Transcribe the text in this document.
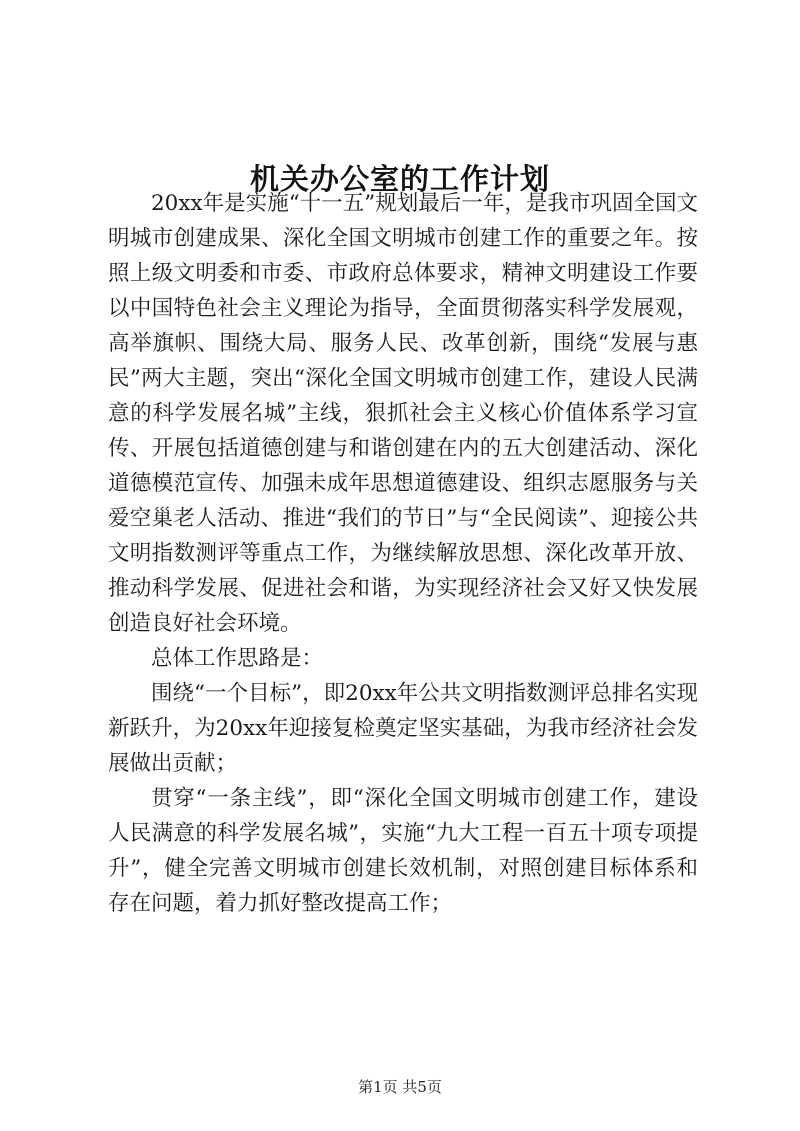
机关办公室的工作计划

20xx年是实施“十一五”规划最后一年，是我市巩固全国文明城市创建成果、深化全国文明城市创建工作的重要之年。按照上级文明委和市委、市政府总体要求，精神文明建设工作要以中国特色社会主义理论为指导，全面贯彻落实科学发展观，高举旗帜、围绕大局、服务人民、改革创新，围绕“发展与惠民”两大主题，突出“深化全国文明城市创建工作，建设人民满意的科学发展名城”主线，狠抓社会主义核心价值体系学习宣传、开展包括道德创建与和谐创建在内的五大创建活动、深化道德模范宣传、加强未成年思想道德建设、组织志愿服务与关爱空巢老人活动、推进“我们的节日”与“全民阅读”、迎接公共文明指数测评等重点工作，为继续解放思想、深化改革开放、推动科学发展、促进社会和谐，为实现经济社会又好又快发展创造良好社会环境。

总体工作思路是：

围绕“一个目标”，即20xx年公共文明指数测评总排名实现新跃升，为20xx年迎接复检奠定坚实基础，为我市经济社会发展做出贡献；

贯穿“一条主线”，即“深化全国文明城市创建工作，建设人民满意的科学发展名城”，实施“九大工程一百五十项专项提升”，健全完善文明城市创建长效机制，对照创建目标体系和存在问题，着力抓好整改提高工作；

第1页 共5页
